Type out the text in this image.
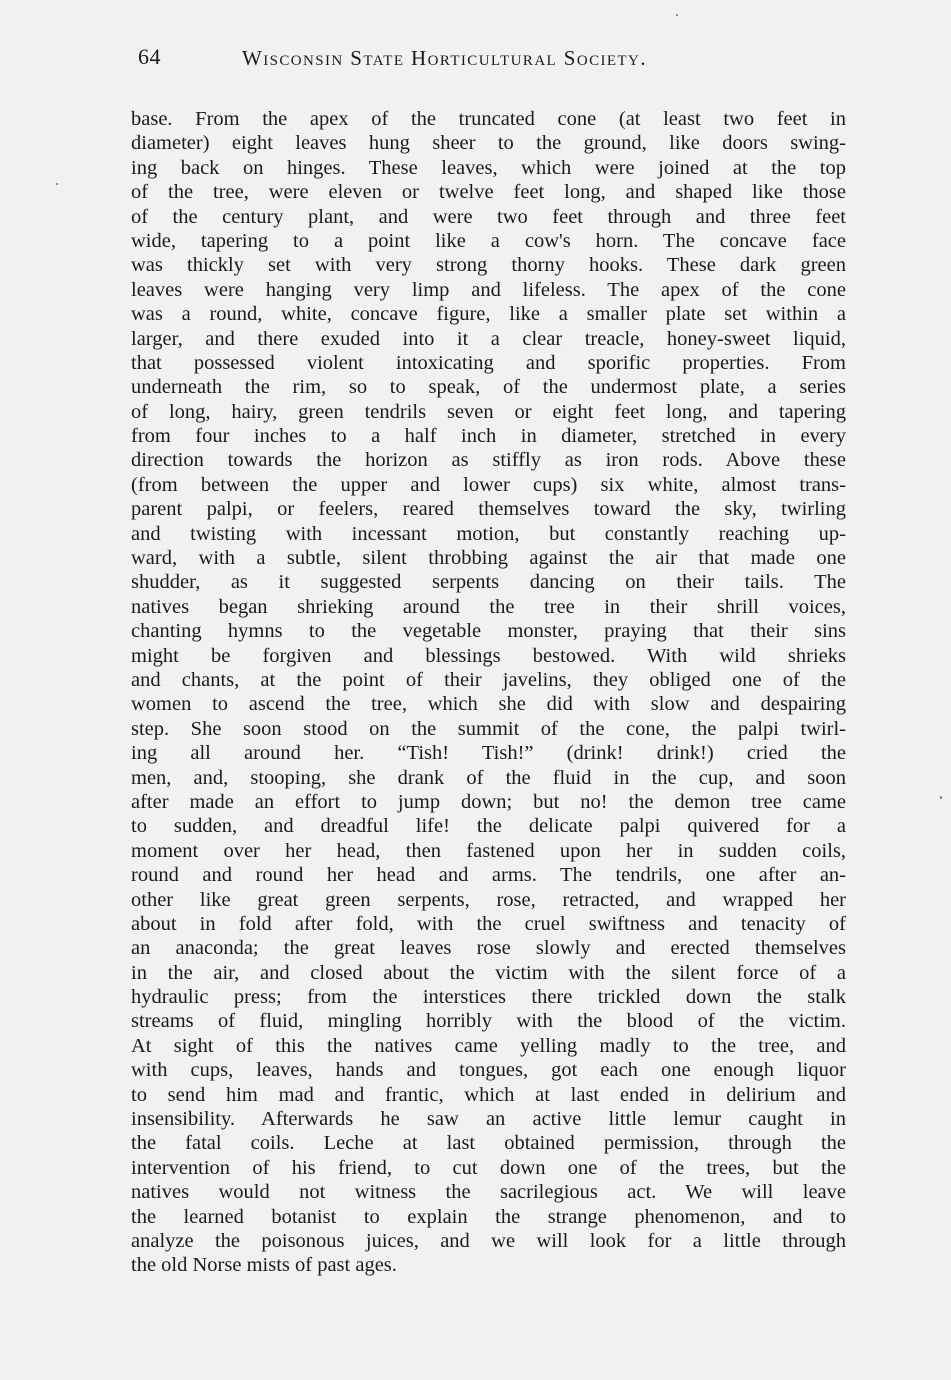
64	Wisconsin State Horticultural Society.
base. From the apex of the truncated cone (at least two feet in
diameter) eight leaves hung sheer to the ground, like doors swing-
ing back on hinges. These leaves, which were joined at the top
of the tree, were eleven or twelve feet long, and shaped like those
of the century plant, and were two feet through and three feet
wide, tapering to a point like a cow's horn. The concave face
was thickly set with very strong thorny hooks. These dark green
leaves were hanging very limp and lifeless. The apex of the cone
was a round, white, concave figure, like a smaller plate set within a
larger, and there exuded into it a clear treacle, honey-sweet liquid,
that possessed violent intoxicating and sporific properties. From
underneath the rim, so to speak, of the undermost plate, a series
of long, hairy, green tendrils seven or eight feet long, and tapering
from four inches to a half inch in diameter, stretched in every
direction towards the horizon as stiffly as iron rods. Above these
(from between the upper and lower cups) six white, almost trans-
parent palpi, or feelers, reared themselves toward the sky, twirling
and twisting with incessant motion, but constantly reaching up-
ward, with a subtle, silent throbbing against the air that made one
shudder, as it suggested serpents dancing on their tails. The
natives began shrieking around the tree in their shrill voices,
chanting hymns to the vegetable monster, praying that their sins
might be forgiven and blessings bestowed. With wild shrieks
and chants, at the point of their javelins, they obliged one of the
women to ascend the tree, which she did with slow and despairing
step. She soon stood on the summit of the cone, the palpi twirl-
ing all around her. “Tish! Tish!” (drink! drink!) cried the
men, and, stooping, she drank of the fluid in the cup, and soon
after made an effort to jump down; but no! the demon tree came
to sudden, and dreadful life! the delicate palpi quivered for a
moment over her head, then fastened upon her in sudden coils,
round and round her head and arms. The tendrils, one after an-
other like great green serpents, rose, retracted, and wrapped her
about in fold after fold, with the cruel swiftness and tenacity of
an anaconda; the great leaves rose slowly and erected themselves
in the air, and closed about the victim with the silent force of a
hydraulic press; from the interstices there trickled down the stalk
streams of fluid, mingling horribly with the blood of the victim.
At sight of this the natives came yelling madly to the tree, and
with cups, leaves, hands and tongues, got each one enough liquor
to send him mad and frantic, which at last ended in delirium and
insensibility. Afterwards he saw an active little lemur caught in
the fatal coils. Leche at last obtained permission, through the
intervention of his friend, to cut down one of the trees, but the
natives would not witness the sacrilegious act. We will leave
the learned botanist to explain the strange phenomenon, and to
analyze the poisonous juices, and we will look for a little through
the old Norse mists of past ages.
